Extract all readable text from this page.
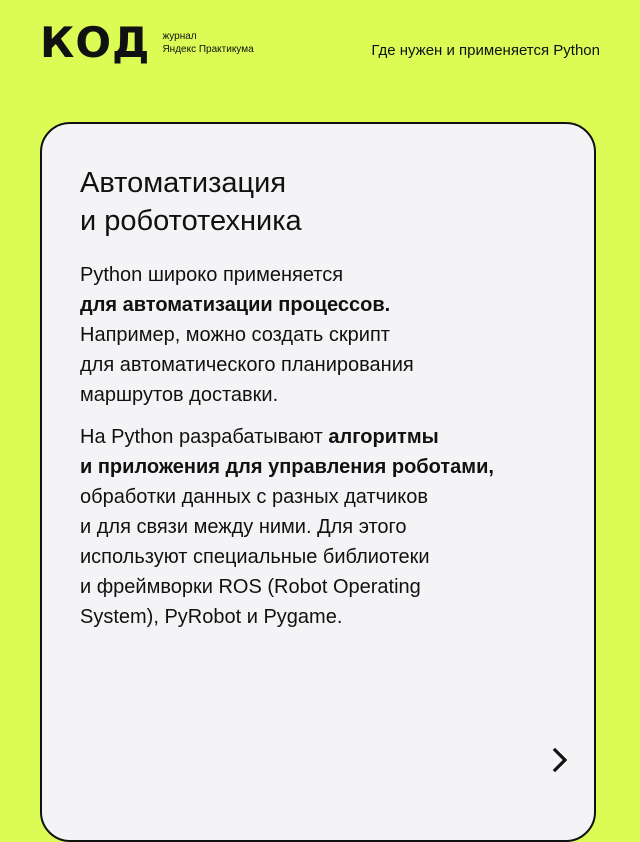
КОД журнал
Яндекс Практикума	Где нужен и применяется Python
Автоматизация
и робототехника

Python широко применяется
для автоматизации процессов.
Например, можно создать скрипт
для автоматического планирования
маршрутов доставки.

На Python разрабатывают алгоритмы
и приложения для управления роботами,
обработки данных с разных датчиков
и для связи между ними. Для этого
используют специальные библиотеки
и фреймворки ROS (Robot Operating
System), PyRobot и Pygame.
